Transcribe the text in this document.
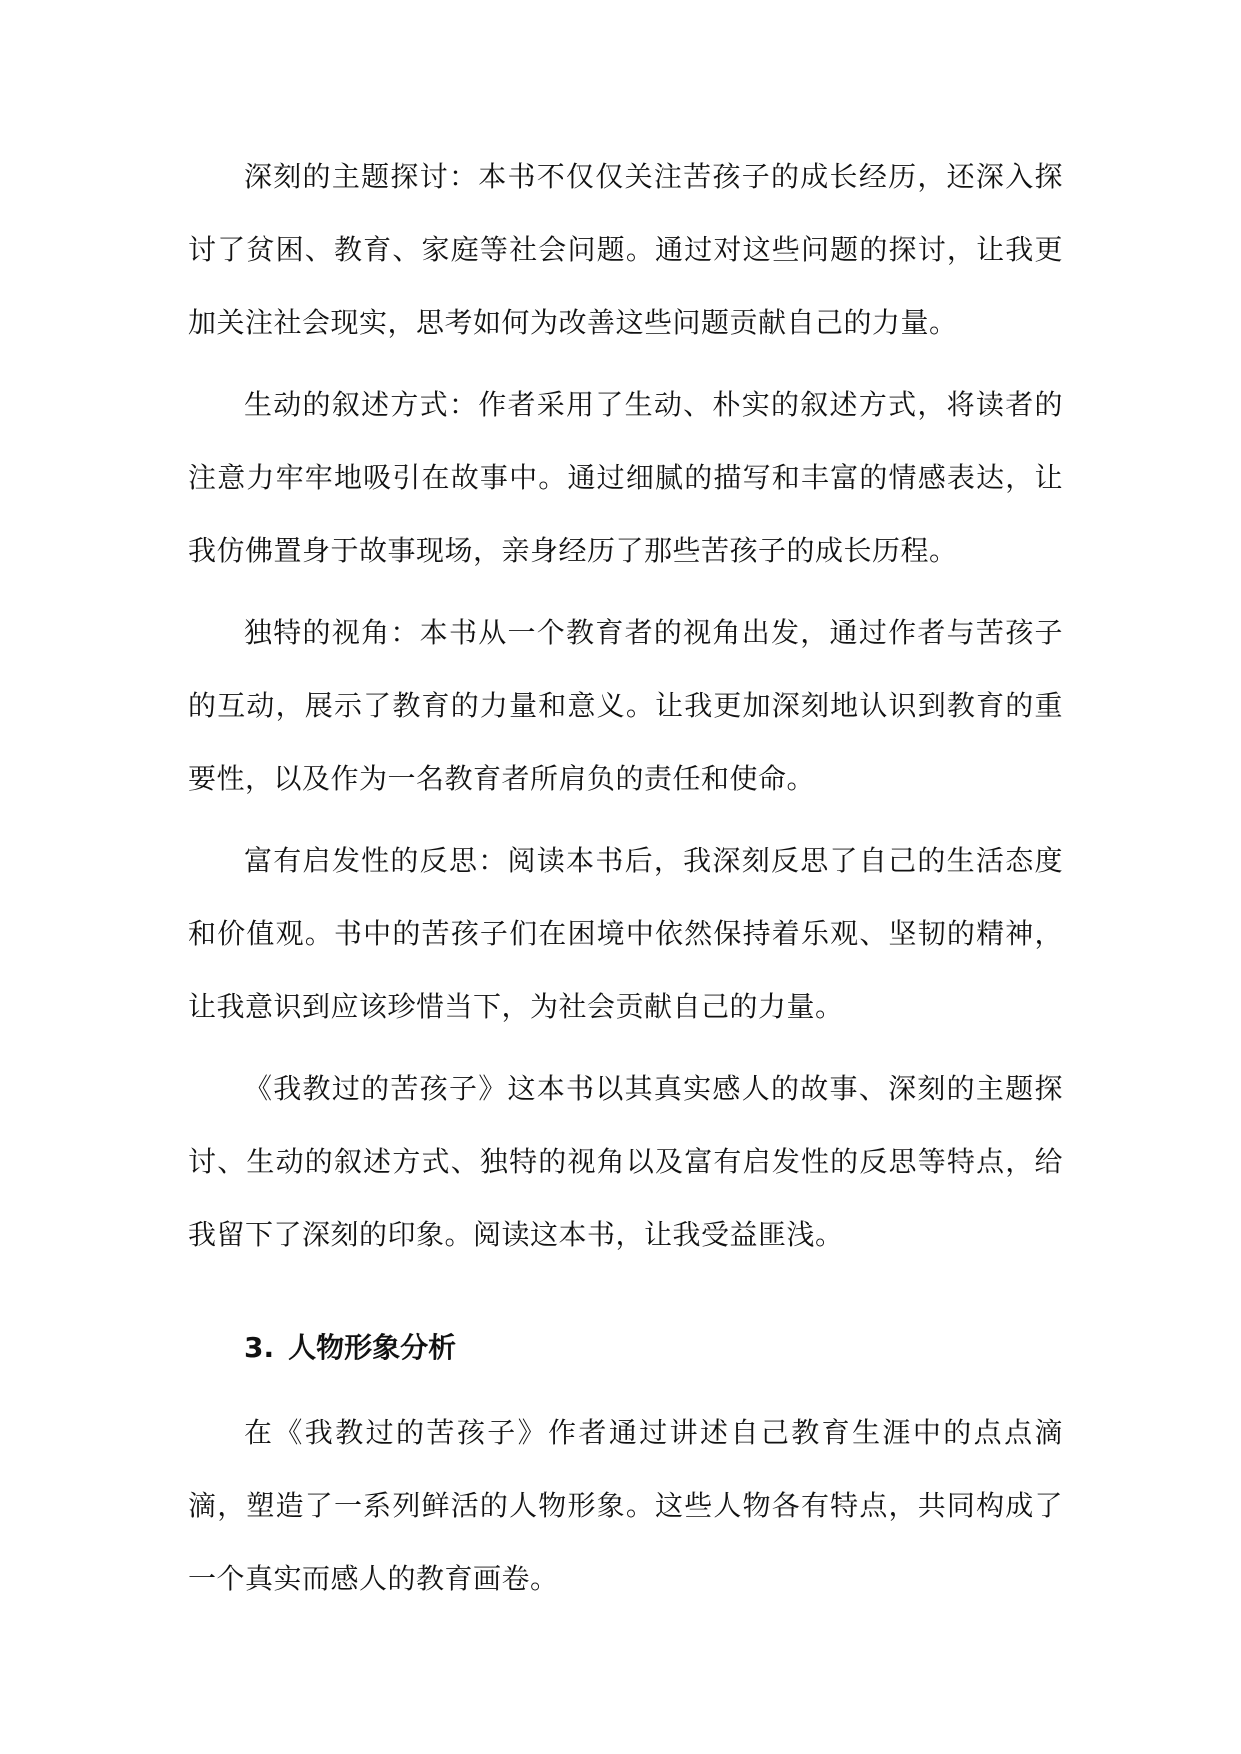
深刻的主题探讨：本书不仅仅关注苦孩子的成长经历，还深入探讨了贫困、教育、家庭等社会问题。通过对这些问题的探讨，让我更加关注社会现实，思考如何为改善这些问题贡献自己的力量。

生动的叙述方式：作者采用了生动、朴实的叙述方式，将读者的注意力牢牢地吸引在故事中。通过细腻的描写和丰富的情感表达，让我仿佛置身于故事现场，亲身经历了那些苦孩子的成长历程。

独特的视角：本书从一个教育者的视角出发，通过作者与苦孩子的互动，展示了教育的力量和意义。让我更加深刻地认识到教育的重要性，以及作为一名教育者所肩负的责任和使命。

富有启发性的反思：阅读本书后，我深刻反思了自己的生活态度和价值观。书中的苦孩子们在困境中依然保持着乐观、坚韧的精神，让我意识到应该珍惜当下，为社会贡献自己的力量。

《我教过的苦孩子》这本书以其真实感人的故事、深刻的主题探讨、生动的叙述方式、独特的视角以及富有启发性的反思等特点，给我留下了深刻的印象。阅读这本书，让我受益匪浅。

3. 人物形象分析

在《我教过的苦孩子》作者通过讲述自己教育生涯中的点点滴滴，塑造了一系列鲜活的人物形象。这些人物各有特点，共同构成了一个真实而感人的教育画卷。
